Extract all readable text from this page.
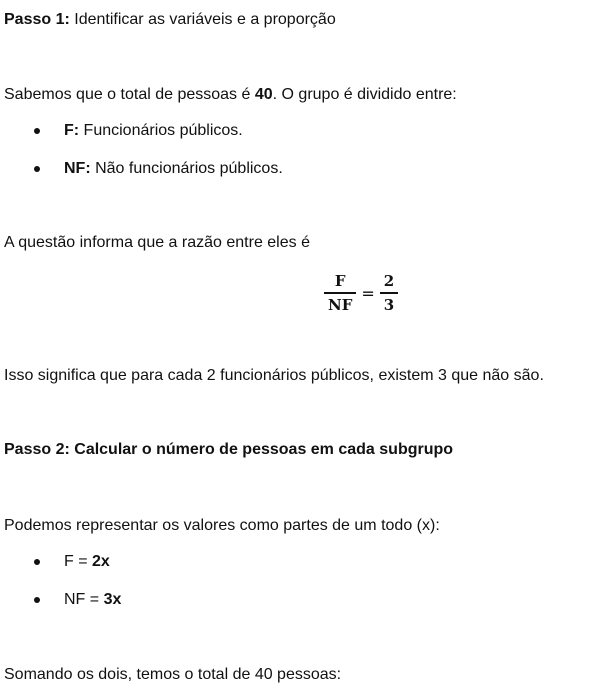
Passo 1: Identificar as variáveis e a proporção
Sabemos que o total de pessoas é 40. O grupo é dividido entre:
F: Funcionários públicos.
NF: Não funcionários públicos.
A questão informa que a razão entre eles é
$\frac{F}{NF} = \frac{2}{3}$
Isso significa que para cada 2 funcionários públicos, existem 3 que não são.
Passo 2: Calcular o número de pessoas em cada subgrupo
Podemos representar os valores como partes de um todo (x):
F = 2x
NF = 3x
Somando os dois, temos o total de 40 pessoas:
